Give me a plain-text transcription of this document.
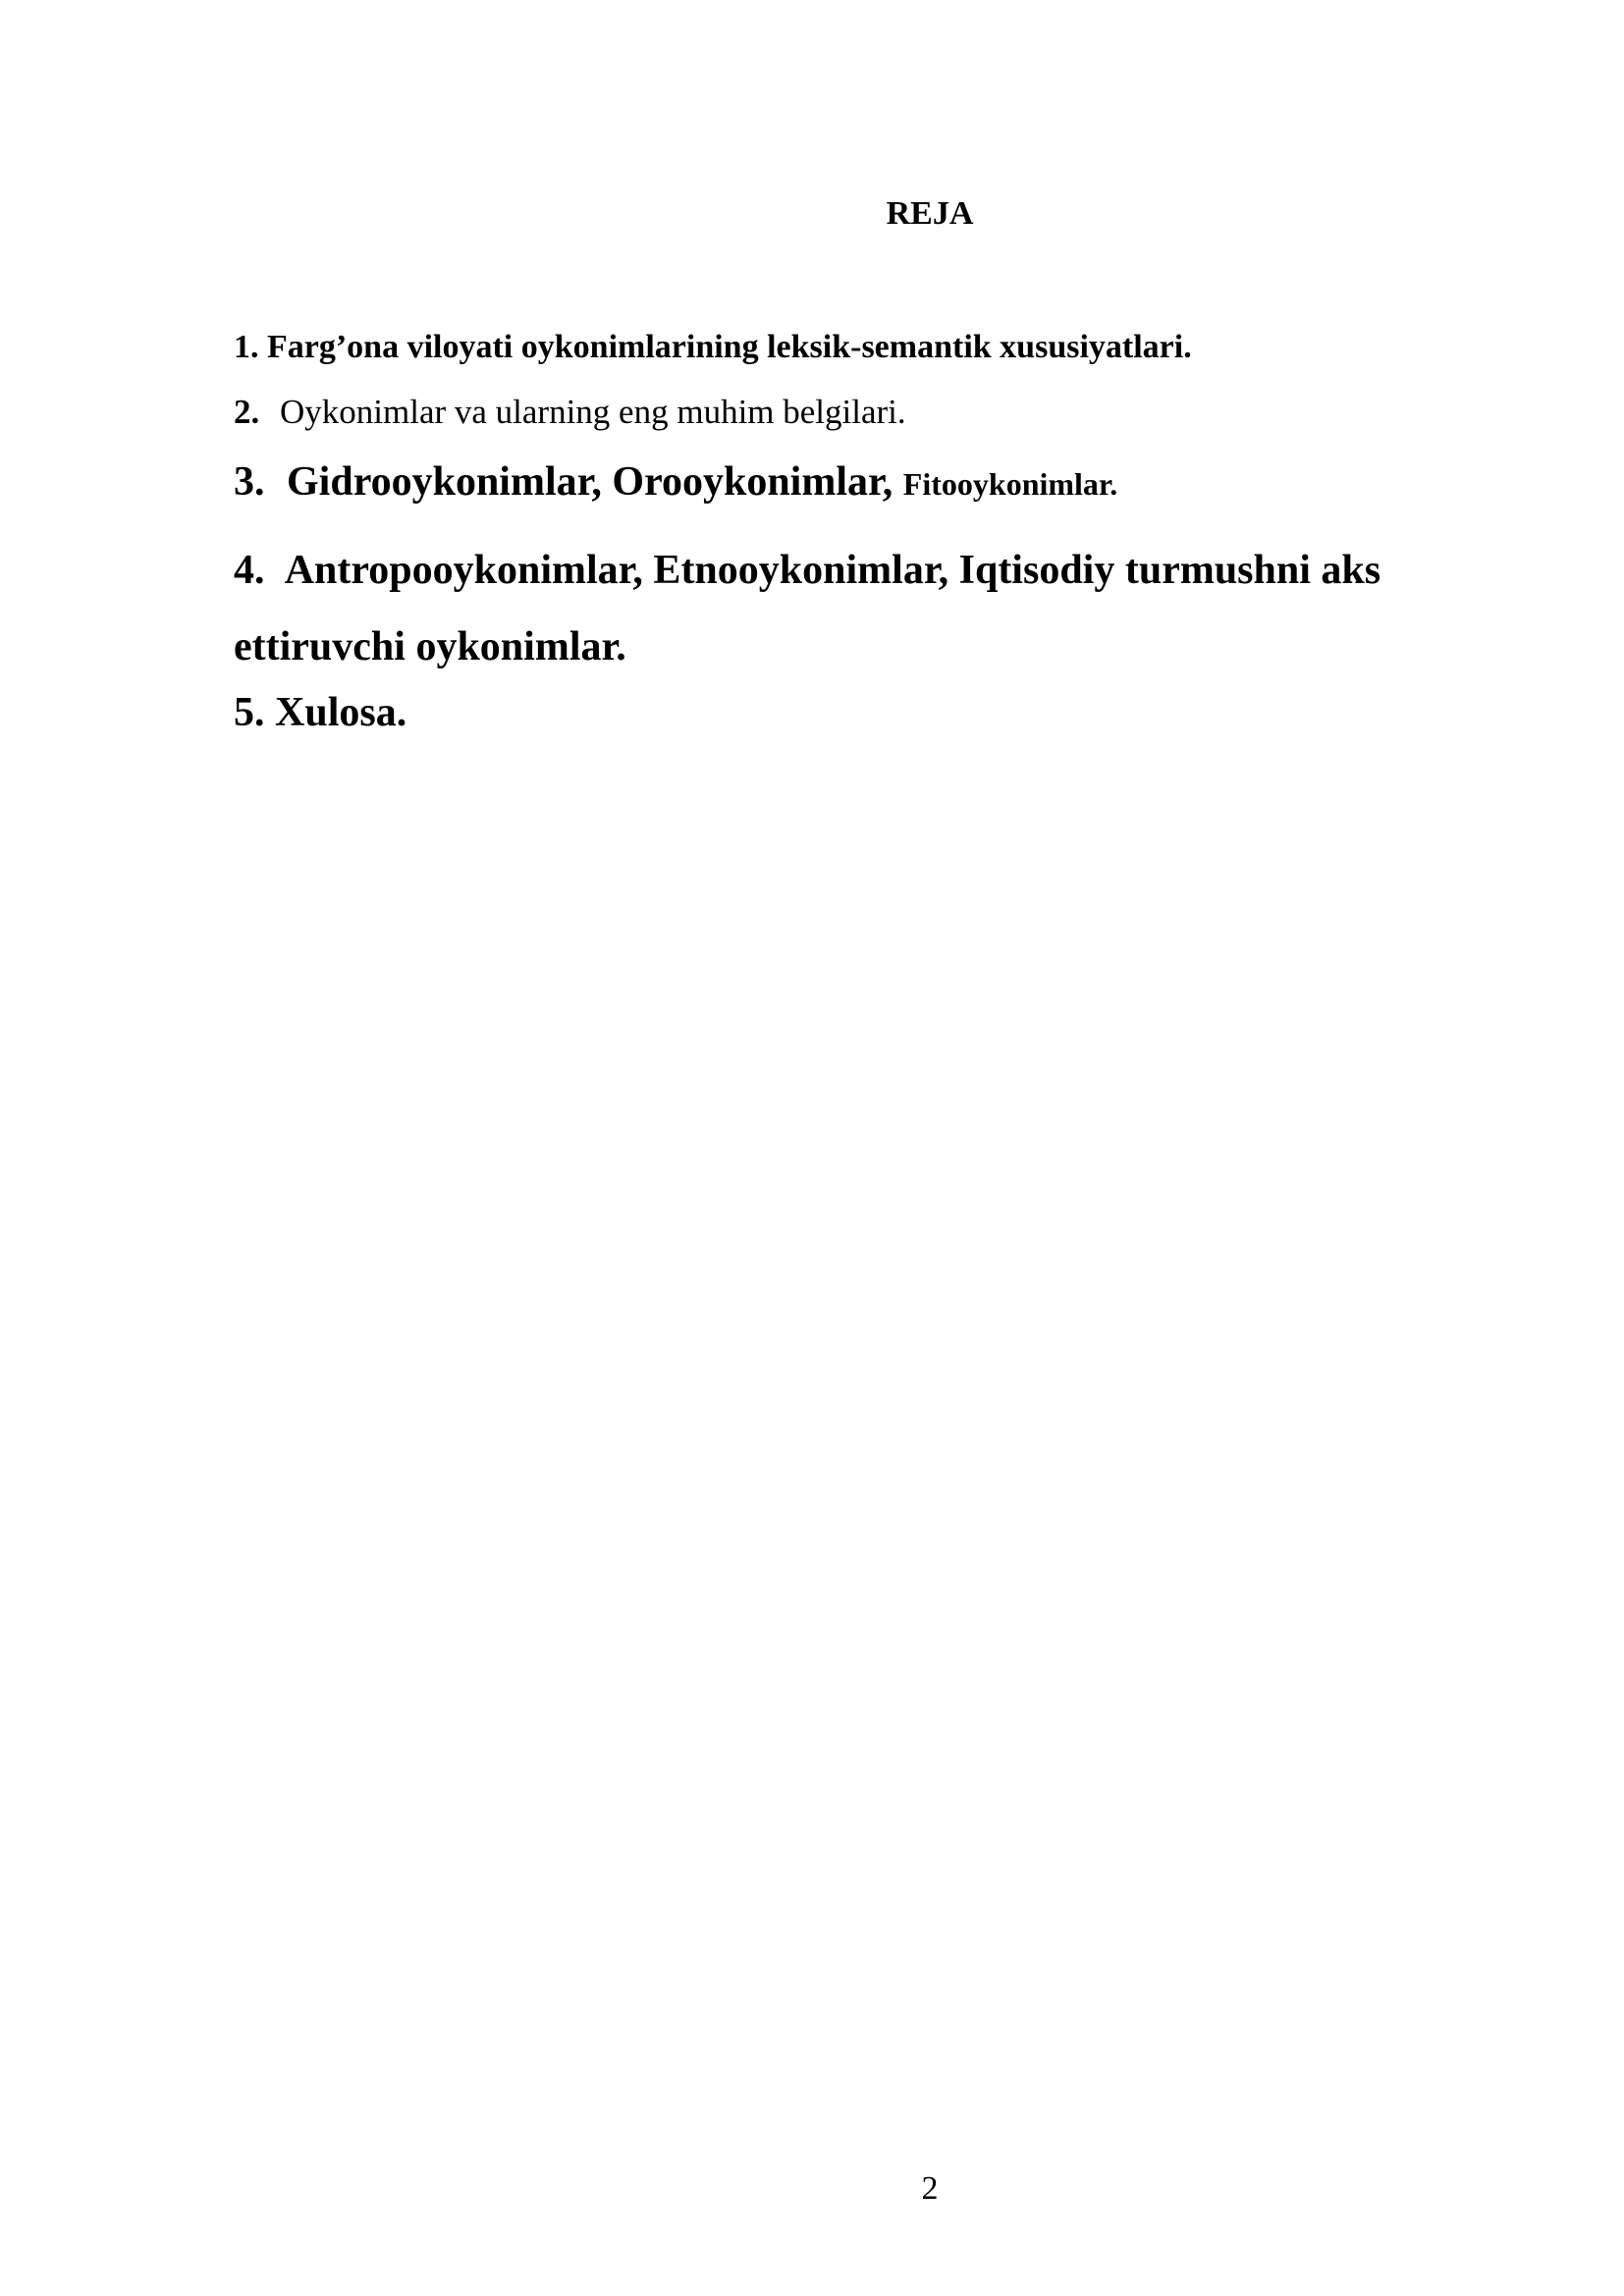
REJA
1. Farg’ona viloyati oykonimlarining leksik-semantik xususiyatlari.
2. Oykonimlar va ularning eng muhim belgilari.
3. Gidrooykonimlar, Orooykonimlar, Fitooykonimlar.
4. Antropooykonimlar, Etnooykonimlar, Iqtisodiy turmushni aks ettiruvchi oykonimlar.
5. Xulosa.
2
